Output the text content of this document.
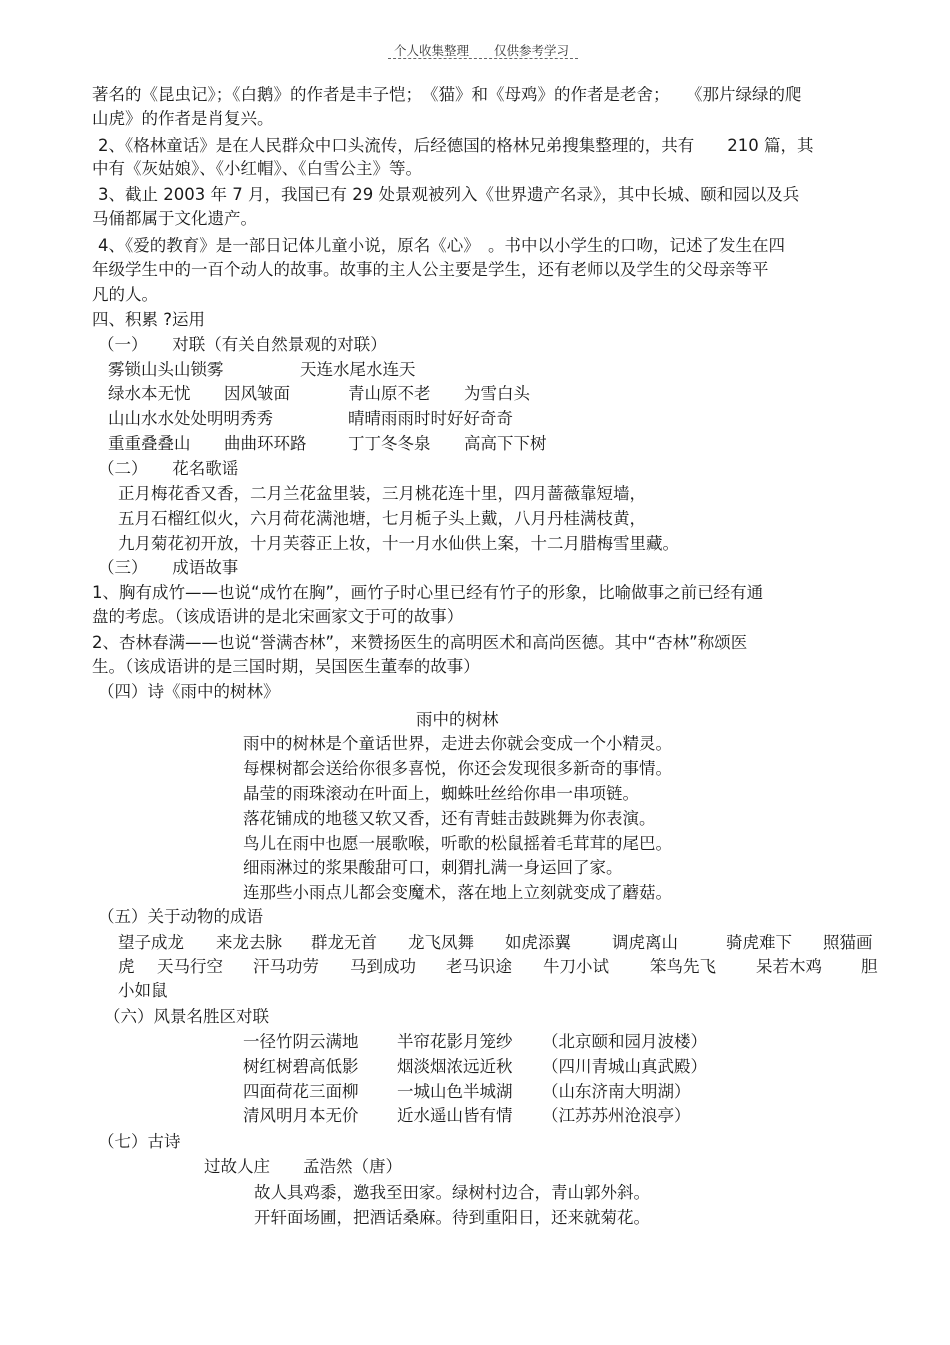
个人收集整理　　仅供参考学习
著名的《昆虫记》；《白鹅》的作者是丰子恺；　《猫》和《母鸡》的作者是老舍；　　《那片绿绿的爬
山虎》的作者是肖复兴。
2、《格林童话》是在人民群众中口头流传，后经德国的格林兄弟搜集整理的，共有　　210 篇，其
中有《灰姑娘》、《小红帽》、《白雪公主》等。
3、截止 2003 年 7 月，我国已有 29 处景观被列入《世界遗产名录》，其中长城、颐和园以及兵
马俑都属于文化遗产。
4、《爱的教育》是一部日记体儿童小说，原名《心》　。书中以小学生的口吻，记述了发生在四
年级学生中的一百个动人的故事。故事的主人公主要是学生，还有老师以及学生的父母亲等平
凡的人。
四、积累 ?运用
（一）　　对联（有关自然景观的对联）
雾锁山头山锁雾	天连水尾水连天
绿水本无忧 因风皱面	青山原不老 为雪白头
山山水水处处明明秀秀	晴晴雨雨时时好好奇奇
重重叠叠山 曲曲环环路	丁丁冬冬泉 高高下下树
（二）　　花名歌谣
正月梅花香又香，二月兰花盆里装，三月桃花连十里，四月蔷薇靠短墙，
五月石榴红似火，六月荷花满池塘，七月栀子头上戴，八月丹桂满枝黄，
九月菊花初开放，十月芙蓉正上妆，十一月水仙供上案，十二月腊梅雪里藏。
（三）　　成语故事
1、胸有成竹——也说“成竹在胸”，画竹子时心里已经有竹子的形象，比喻做事之前已经有通
盘的考虑。（该成语讲的是北宋画家文于可的故事）
2、杏林春满——也说“誉满杏林”，来赞扬医生的高明医术和高尚医德。其中“杏林”称颂医
生。（该成语讲的是三国时期，吴国医生董奉的故事）
（四）诗《雨中的树林》
雨中的树林
雨中的树林是个童话世界，走进去你就会变成一个小精灵。
每棵树都会送给你很多喜悦，你还会发现很多新奇的事情。
晶莹的雨珠滚动在叶面上，蜘蛛吐丝给你串一串项链。
落花铺成的地毯又软又香，还有青蛙击鼓跳舞为你表演。
鸟儿在雨中也愿一展歌喉，听歌的松鼠摇着毛茸茸的尾巴。
细雨淋过的浆果酸甜可口，刺猬扎满一身运回了家。
连那些小雨点儿都会变魔术，落在地上立刻就变成了蘑菇。
（五）关于动物的成语
望子成龙 来龙去脉 群龙无首 龙飞凤舞 如虎添翼 调虎离山	骑虎难下 照猫画
虎 天马行空 汗马功劳 马到成功 老马识途 牛刀小试 笨鸟先飞 呆若木鸡 胆
小如鼠
（六）风景名胜区对联
一径竹阴云满地 半帘花影月笼纱 （北京颐和园月波楼）
树红树碧高低影 烟淡烟浓远近秋 （四川青城山真武殿）
四面荷花三面柳 一城山色半城湖 （山东济南大明湖）
清风明月本无价 近水遥山皆有情 （江苏苏州沧浪亭）
（七）古诗
过故人庄　　孟浩然（唐）
故人具鸡黍，邀我至田家。绿树村边合，青山郭外斜。
开轩面场圃，把酒话桑麻。待到重阳日，还来就菊花。
